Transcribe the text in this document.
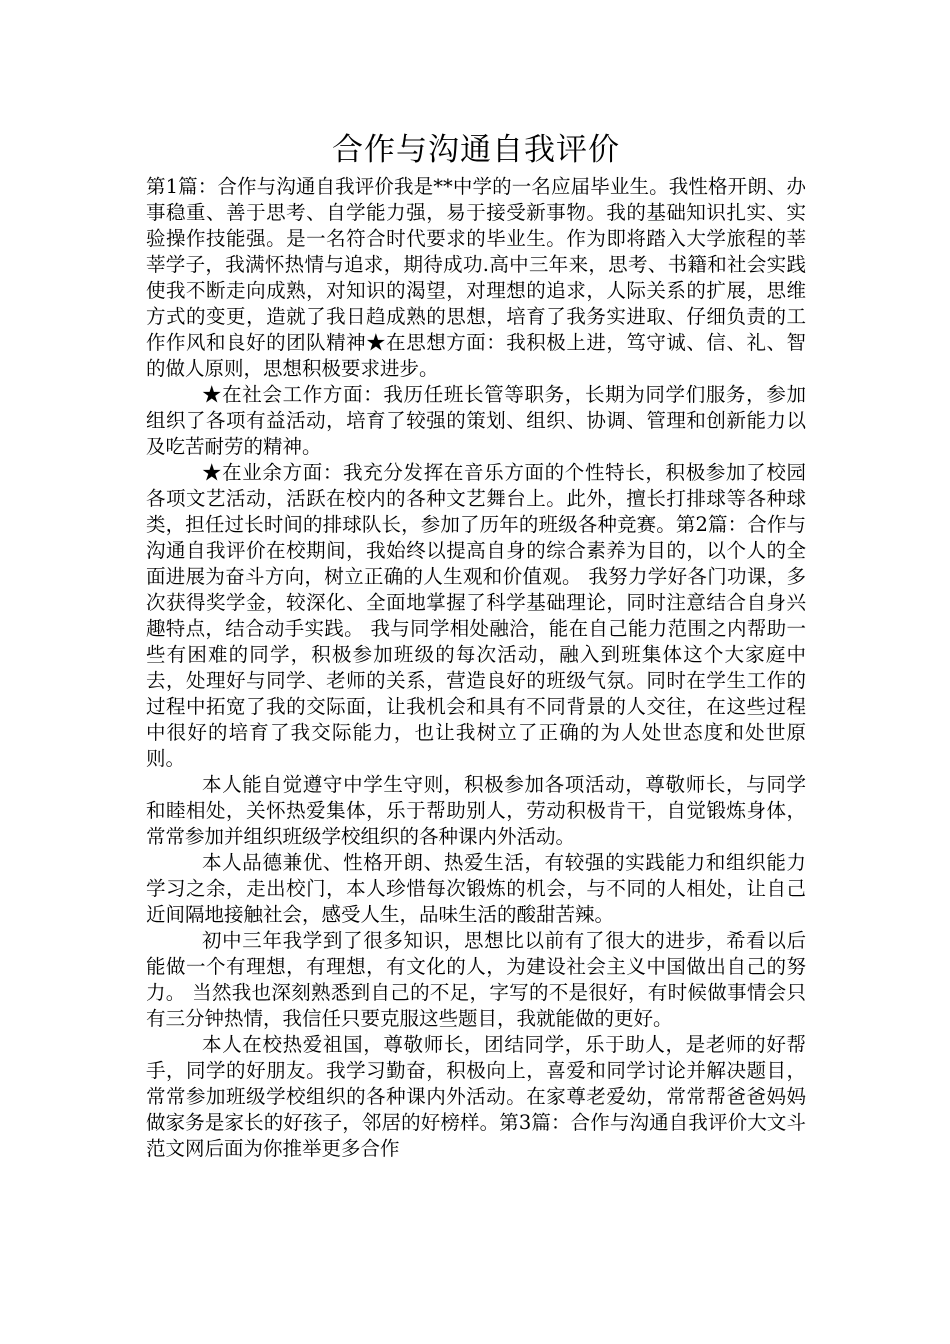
合作与沟通自我评价

第1篇：合作与沟通自我评价我是**中学的一名应届毕业生。我性格开朗、办事稳重、善于思考、自学能力强，易于接受新事物。我的基础知识扎实、实验操作技能强。是一名符合时代要求的毕业生。作为即将踏入大学旅程的莘莘学子，我满怀热情与追求，期待成功.高中三年来，思考、书籍和社会实践使我不断走向成熟，对知识的渴望，对理想的追求，人际关系的扩展，思维方式的变更，造就了我日趋成熟的思想，培育了我务实进取、仔细负责的工作作风和良好的团队精神★在思想方面：我积极上进，笃守诚、信、礼、智的做人原则，思想积极要求进步。

★在社会工作方面：我历任班长管等职务，长期为同学们服务，参加组织了各项有益活动，培育了较强的策划、组织、协调、管理和创新能力以及吃苦耐劳的精神。

★在业余方面：我充分发挥在音乐方面的个性特长，积极参加了校园各项文艺活动，活跃在校内的各种文艺舞台上。此外，擅长打排球等各种球类，担任过长时间的排球队长，参加了历年的班级各种竞赛。第2篇：合作与沟通自我评价在校期间，我始终以提高自身的综合素养为目的，以个人的全面进展为奋斗方向，树立正确的人生观和价值观。 我努力学好各门功课，多次获得奖学金，较深化、全面地掌握了科学基础理论，同时注意结合自身兴趣特点，结合动手实践。 我与同学相处融洽，能在自己能力范围之内帮助一些有困难的同学，积极参加班级的每次活动，融入到班集体这个大家庭中去，处理好与同学、老师的关系，营造良好的班级气氛。同时在学生工作的过程中拓宽了我的交际面，让我机会和具有不同背景的人交往，在这些过程中很好的培育了我交际能力，也让我树立了正确的为人处世态度和处世原则。

本人能自觉遵守中学生守则，积极参加各项活动，尊敬师长，与同学和睦相处，关怀热爱集体，乐于帮助别人，劳动积极肯干，自觉锻炼身体，常常参加并组织班级学校组织的各种课内外活动。

本人品德兼优、性格开朗、热爱生活，有较强的实践能力和组织能力学习之余，走出校门，本人珍惜每次锻炼的机会，与不同的人相处，让自己近间隔地接触社会，感受人生，品味生活的酸甜苦辣。

初中三年我学到了很多知识，思想比以前有了很大的进步，希看以后能做一个有理想，有理想，有文化的人，为建设社会主义中国做出自己的努力。 当然我也深刻熟悉到自己的不足，字写的不是很好，有时候做事情会只有三分钟热情，我信任只要克服这些题目，我就能做的更好。

本人在校热爱祖国，尊敬师长，团结同学，乐于助人，是老师的好帮手，同学的好朋友。我学习勤奋，积极向上，喜爱和同学讨论并解决题目，常常参加班级学校组织的各种课内外活动。在家尊老爱幼，常常帮爸爸妈妈做家务是家长的好孩子，邻居的好榜样。第3篇：合作与沟通自我评价大文斗范文网后面为你推举更多合作
